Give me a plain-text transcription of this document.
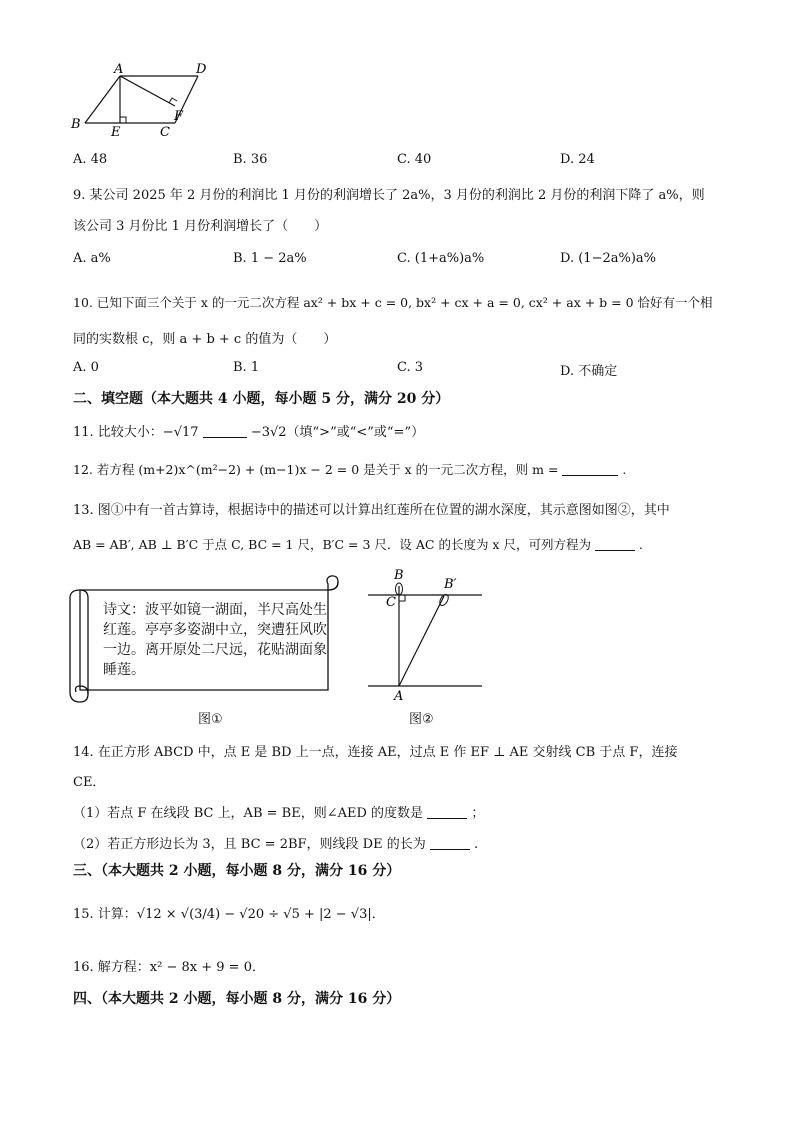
A	D
B
E	C
F
A. 48	B. 36	C. 40	D. 24
9. 某公司 2025 年 2 月份的利润比 1 月份的利润增长了 2a%，3 月份的利润比 2 月份的利润下降了 a%，则
该公司 3 月份比 1 月份利润增长了（　　）
A. a%	B. 1 − 2a%	C. (1+a%)a%	D. (1−2a%)a%
10. 已知下面三个关于 x 的一元二次方程 ax² + bx + c = 0, bx² + cx + a = 0, cx² + ax + b = 0 恰好有一个相
同的实数根 c，则 a + b + c 的值为（　　）
A. 0	B. 1	C. 3	D. 不确定
二、填空题（本大题共 4 小题，每小题 5 分，满分 20 分）
11. 比较大小：−√17	−3√2（填“>”或“<”或“=”）
12. 若方程 (m+2)x^(m²−2) + (m−1)x − 2 = 0 是关于 x 的一元二次方程，则 m =	.
13. 图①中有一首古算诗，根据诗中的描述可以计算出红莲所在位置的湖水深度，其示意图如图②，其中
AB = AB′, AB ⊥ B′C 于点 C, BC = 1 尺，B′C = 3 尺．设 AC 的长度为 x 尺，可列方程为	.
诗文：波平如镜一湖面，半尺高处生红莲。亭亭多姿湖中立，突遭狂风吹一边。离开原处二尺远，花贴湖面象睡莲。
图①
B
B′
C
A
图②
14. 在正方形 ABCD 中，点 E 是 BD 上一点，连接 AE，过点 E 作 EF ⊥ AE 交射线 CB 于点 F，连接
CE．
（1）若点 F 在线段 BC 上，AB = BE，则∠AED 的度数是	；
（2）若正方形边长为 3，且 BC = 2BF，则线段 DE 的长为	.
三、（本大题共 2 小题，每小题 8 分，满分 16 分）
15. 计算：√12 × √(3/4) − √20 ÷ √5 + |2 − √3|．
16. 解方程：x² − 8x + 9 = 0．
四、（本大题共 2 小题，每小题 8 分，满分 16 分）
